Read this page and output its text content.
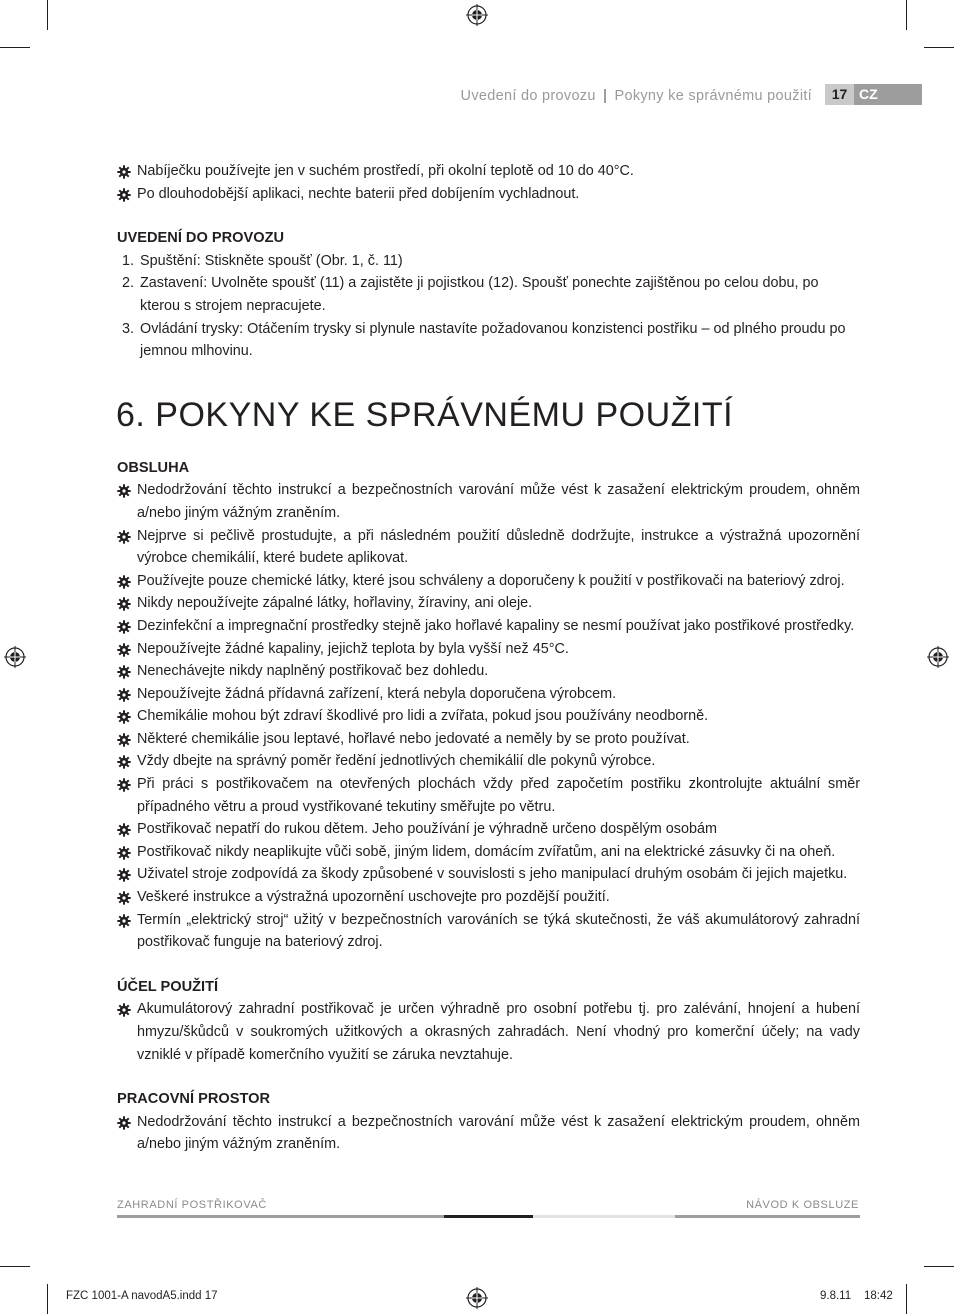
Uvedení do provozu | Pokyny ke správnému použití	17 CZ
Nabíječku používejte jen v suchém prostředí, při okolní teplotě od 10 do 40°C.
Po dlouhodobější aplikaci, nechte baterii před dobíjením vychladnout.
UVEDENÍ DO PROVOZU
1. Spuštění: Stiskněte spoušť (Obr. 1, č. 11)
2. Zastavení: Uvolněte spoušť (11) a zajistěte ji pojistkou (12). Spoušť ponechte zajištěnou po celou dobu, po kterou s strojem nepracujete.
3. Ovládání trysky: Otáčením trysky si plynule nastavíte požadovanou konzistenci postřiku – od plného proudu po jemnou mlhovinu.
6. POKYNY KE SPRÁVNÉMU POUŽITÍ
OBSLUHA
Nedodržování těchto instrukcí a bezpečnostních varování může vést k zasažení elektrickým proudem, ohněm a/nebo jiným vážným zraněním.
Nejprve si pečlivě prostudujte, a při následném použití důsledně dodržujte, instrukce a výstražná upozornění výrobce chemikálií, které budete aplikovat.
Používejte pouze chemické látky, které jsou schváleny a doporučeny k použití v postřikovači na bateriový zdroj.
Nikdy nepoužívejte zápalné látky, hořlaviny, žíraviny, ani oleje.
Dezinfekční a impregnační prostředky stejně jako hořlavé kapaliny se nesmí používat jako postřikové prostředky.
Nepoužívejte žádné kapaliny, jejichž teplota by byla vyšší než 45°C.
Nenechávejte nikdy naplněný postřikovač bez dohledu.
Nepoužívejte žádná přídavná zařízení, která nebyla doporučena výrobcem.
Chemikálie mohou být zdraví škodlivé pro lidi a zvířata, pokud jsou používány neodborně.
Některé chemikálie jsou leptavé, hořlavé nebo jedovaté a neměly by se proto používat.
Vždy dbejte na správný poměr ředění jednotlivých chemikálií dle pokynů výrobce.
Při práci s postřikovačem na otevřených plochách vždy před započetím postřiku zkontrolujte aktuální směr případného větru a proud vystřikované tekutiny směřujte po větru.
Postřikovač nepatří do rukou dětem. Jeho používání je výhradně určeno dospělým osobám
Postřikovač nikdy neaplikujte vůči sobě, jiným lidem, domácím zvířatům, ani na elektrické zásuvky či na oheň.
Uživatel stroje zodpovídá za škody způsobené v souvislosti s jeho manipulací druhým osobám či jejich majetku.
Veškeré instrukce a výstražná upozornění uschovejte pro pozdější použití.
Termín „elektrický stroj“ užitý v bezpečnostních varováních se týká skutečnosti, že váš akumulátorový zahradní postřikovač funguje na bateriový zdroj.
ÚČEL POUŽITÍ
Akumulátorový zahradní postřikovač je určen výhradně pro osobní potřebu tj. pro zalévání, hnojení a hubení hmyzu/škůdců v soukromých užitkových a okrasných zahradách. Není vhodný pro komerční účely; na vady vzniklé v případě komerčního využití se záruka nevztahuje.
PRACOVNÍ PROSTOR
Nedodržování těchto instrukcí a bezpečnostních varování může vést k zasažení elektrickým proudem, ohněm a/nebo jiným vážným zraněním.
ZAHRADNÍ POSTŘIKOVAČ	NÁVOD K OBSLUZE
FZC 1001-A navodA5.indd 17	9.8.11 18:42
